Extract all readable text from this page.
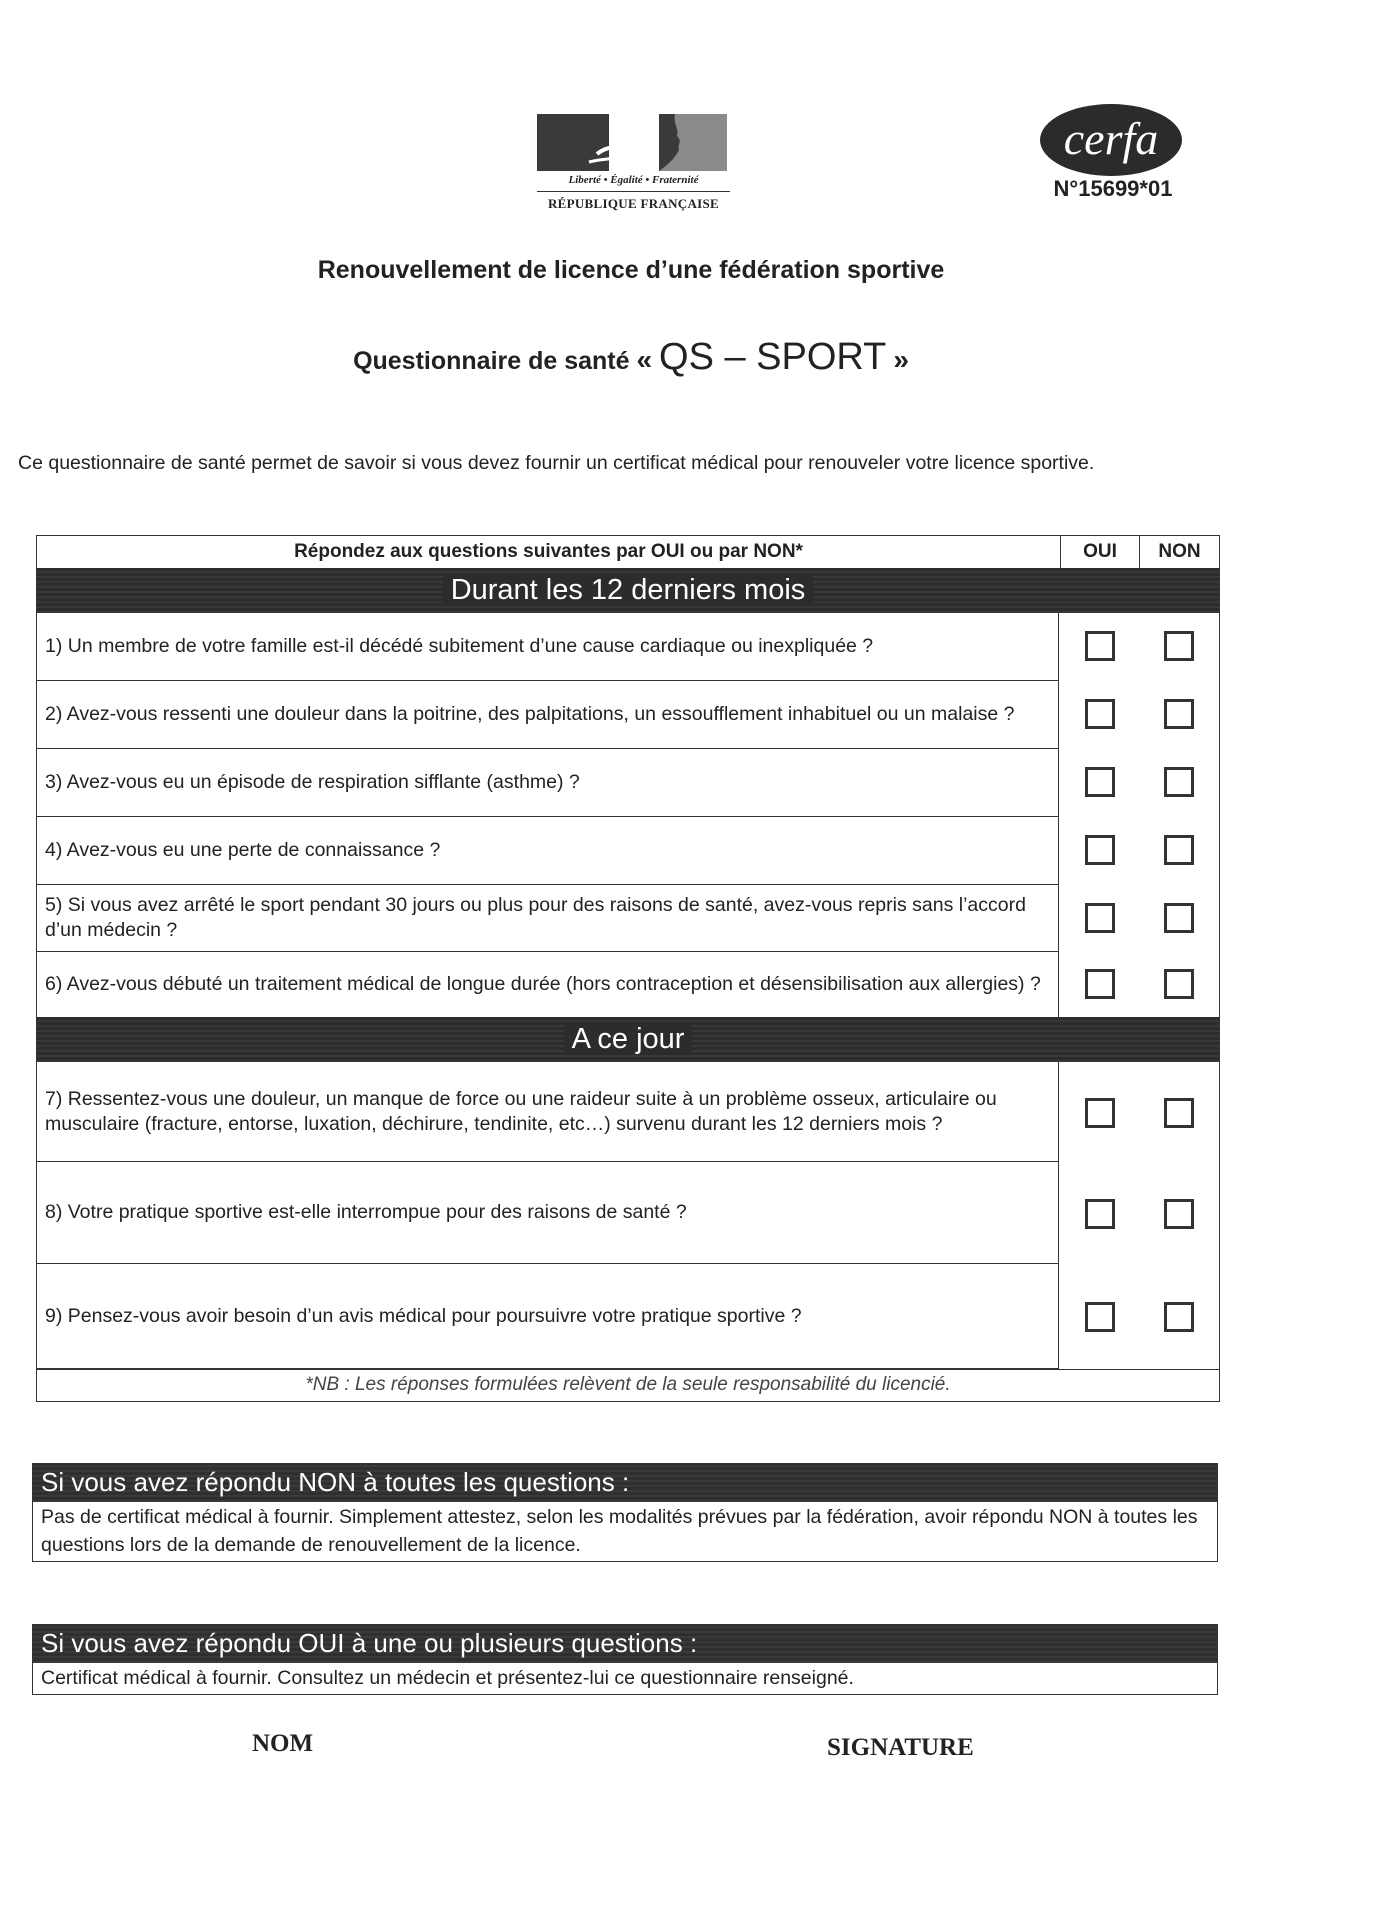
Liberté • Égalité • Fraternité
RÉPUBLIQUE FRANÇAISE
cerfa
N°15699*01
Renouvellement de licence d’une fédération sportive
Questionnaire de santé « QS – SPORT »
Ce questionnaire de santé permet de savoir si vous devez fournir un certificat médical pour renouveler votre licence sportive.
Répondez aux questions suivantes par OUI ou par NON*	OUI	NON
Durant les 12 derniers mois
1) Un membre de votre famille est-il décédé subitement d’une cause cardiaque ou inexpliquée ?
2) Avez-vous ressenti une douleur dans la poitrine, des palpitations, un essoufflement inhabituel ou un malaise ?
3) Avez-vous eu un épisode de respiration sifflante (asthme) ?
4) Avez-vous eu une perte de connaissance ?
5) Si vous avez arrêté le sport pendant 30 jours ou plus pour des raisons de santé, avez-vous repris sans l’accord d’un médecin ?
6) Avez-vous débuté un traitement médical de longue durée (hors contraception et désensibilisation aux allergies) ?
A ce jour
7) Ressentez-vous une douleur, un manque de force ou une raideur suite à un problème osseux, articulaire ou musculaire (fracture, entorse, luxation, déchirure, tendinite, etc…) survenu durant les 12 derniers mois ?
8) Votre pratique sportive est-elle interrompue pour des raisons de santé ?
9) Pensez-vous avoir besoin d’un avis médical pour poursuivre votre pratique sportive ?
*NB : Les réponses formulées relèvent de la seule responsabilité du licencié.
Si vous avez répondu NON à toutes les questions :
Pas de certificat médical à fournir. Simplement attestez, selon les modalités prévues par la fédération, avoir répondu NON à toutes les questions lors de la demande de renouvellement de la licence.
Si vous avez répondu OUI à une ou plusieurs questions :
Certificat médical à fournir. Consultez un médecin et présentez-lui ce questionnaire renseigné.
NOM	SIGNATURE
